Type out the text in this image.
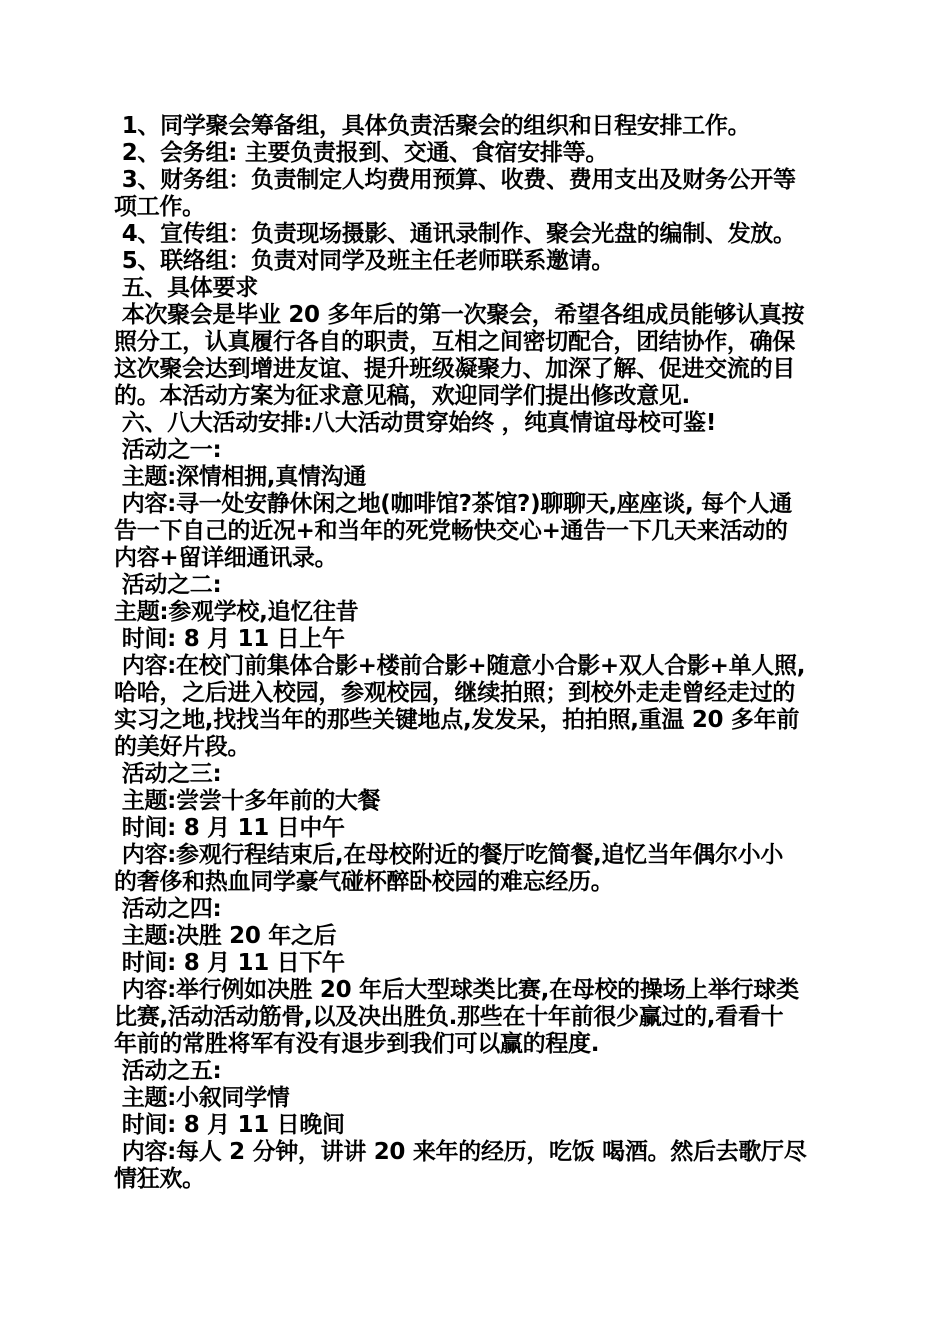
1、同学聚会筹备组，具体负责活聚会的组织和日程安排工作。

2、会务组: 主要负责报到、交通、食宿安排等。

3、财务组：负责制定人均费用预算、收费、费用支出及财务公开等

项工作。

4、宣传组：负责现场摄影、通讯录制作、聚会光盘的编制、发放。

5、联络组：负责对同学及班主任老师联系邀请。

五、具体要求

本次聚会是毕业 20 多年后的第一次聚会，希望各组成员能够认真按

照分工，认真履行各自的职责，互相之间密切配合，团结协作，确保

这次聚会达到增进友谊、提升班级凝聚力、加深了解、促进交流的目

的。本活动方案为征求意见稿，欢迎同学们提出修改意见.

六、八大活动安排:八大活动贯穿始终 ，纯真情谊母校可鉴!

活动之一:

主题:深情相拥,真情沟通

内容:寻一处安静休闲之地(咖啡馆?茶馆?)聊聊天,座座谈, 每个人通

告一下自己的近况+和当年的死党畅快交心+通告一下几天来活动的

内容+留详细通讯录。

活动之二:

主题:参观学校,追忆往昔

时间: 8 月 11 日上午

内容:在校门前集体合影+楼前合影+随意小合影+双人合影+单人照,

哈哈，之后进入校园，参观校园，继续拍照；到校外走走曾经走过的

实习之地,找找当年的那些关键地点,发发呆，拍拍照,重温 20 多年前

的美好片段。

活动之三:

主题:尝尝十多年前的大餐

时间: 8 月 11 日中午

内容:参观行程结束后,在母校附近的餐厅吃简餐,追忆当年偶尔小小

的奢侈和热血同学豪气碰杯醉卧校园的难忘经历。

活动之四:

主题:决胜 20 年之后

时间: 8 月 11 日下午

内容:举行例如决胜 20 年后大型球类比赛,在母校的操场上举行球类

比赛,活动活动筋骨,以及决出胜负.那些在十年前很少赢过的,看看十

年前的常胜将军有没有退步到我们可以赢的程度.

活动之五:

主题:小叙同学情

时间: 8 月 11 日晚间

内容:每人 2 分钟，讲讲 20 来年的经历，吃饭 喝酒。然后去歌厅尽

情狂欢。
